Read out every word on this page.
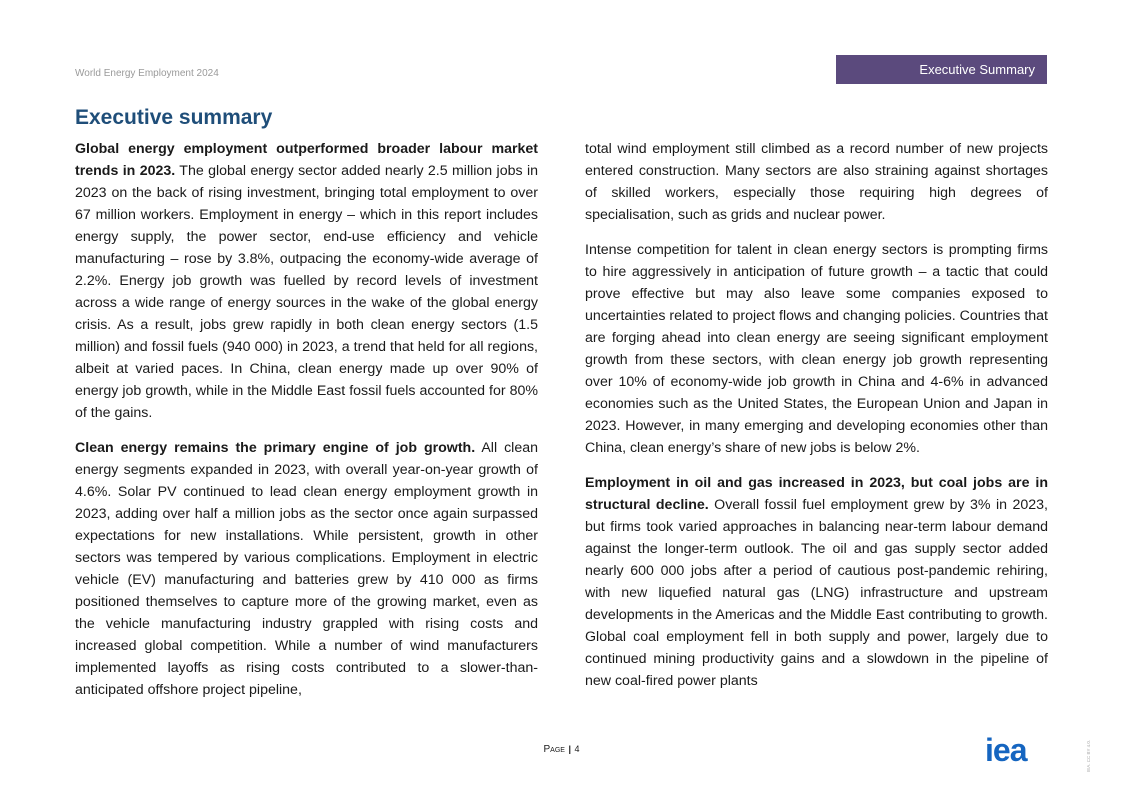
World Energy Employment 2024	Executive Summary
Executive summary

Global energy employment outperformed broader labour market trends in 2023. The global energy sector added nearly 2.5 million jobs in 2023 on the back of rising investment, bringing total employment to over 67 million workers. Employment in energy – which in this report includes energy supply, the power sector, end-use efficiency and vehicle manufacturing – rose by 3.8%, outpacing the economy-wide average of 2.2%. Energy job growth was fuelled by record levels of investment across a wide range of energy sources in the wake of the global energy crisis. As a result, jobs grew rapidly in both clean energy sectors (1.5 million) and fossil fuels (940 000) in 2023, a trend that held for all regions, albeit at varied paces. In China, clean energy made up over 90% of energy job growth, while in the Middle East fossil fuels accounted for 80% of the gains.

Clean energy remains the primary engine of job growth. All clean energy segments expanded in 2023, with overall year-on-year growth of 4.6%. Solar PV continued to lead clean energy employment growth in 2023, adding over half a million jobs as the sector once again surpassed expectations for new installations. While persistent, growth in other sectors was tempered by various complications. Employment in electric vehicle (EV) manufacturing and batteries grew by 410 000 as firms positioned themselves to capture more of the growing market, even as the vehicle manufacturing industry grappled with rising costs and increased global competition. While a number of wind manufacturers implemented layoffs as rising costs contributed to a slower-than-anticipated offshore project pipeline,

total wind employment still climbed as a record number of new projects entered construction. Many sectors are also straining against shortages of skilled workers, especially those requiring high degrees of specialisation, such as grids and nuclear power.

Intense competition for talent in clean energy sectors is prompting firms to hire aggressively in anticipation of future growth – a tactic that could prove effective but may also leave some companies exposed to uncertainties related to project flows and changing policies. Countries that are forging ahead into clean energy are seeing significant employment growth from these sectors, with clean energy job growth representing over 10% of economy-wide job growth in China and 4-6% in advanced economies such as the United States, the European Union and Japan in 2023. However, in many emerging and developing economies other than China, clean energy’s share of new jobs is below 2%.

Employment in oil and gas increased in 2023, but coal jobs are in structural decline. Overall fossil fuel employment grew by 3% in 2023, but firms took varied approaches in balancing near-term labour demand against the longer-term outlook. The oil and gas supply sector added nearly 600 000 jobs after a period of cautious post-pandemic rehiring, with new liquefied natural gas (LNG) infrastructure and upstream developments in the Americas and the Middle East contributing to growth. Global coal employment fell in both supply and power, largely due to continued mining productivity gains and a slowdown in the pipeline of new coal-fired power plants

Page | 4	iea	IEA. CC BY 4.0.
